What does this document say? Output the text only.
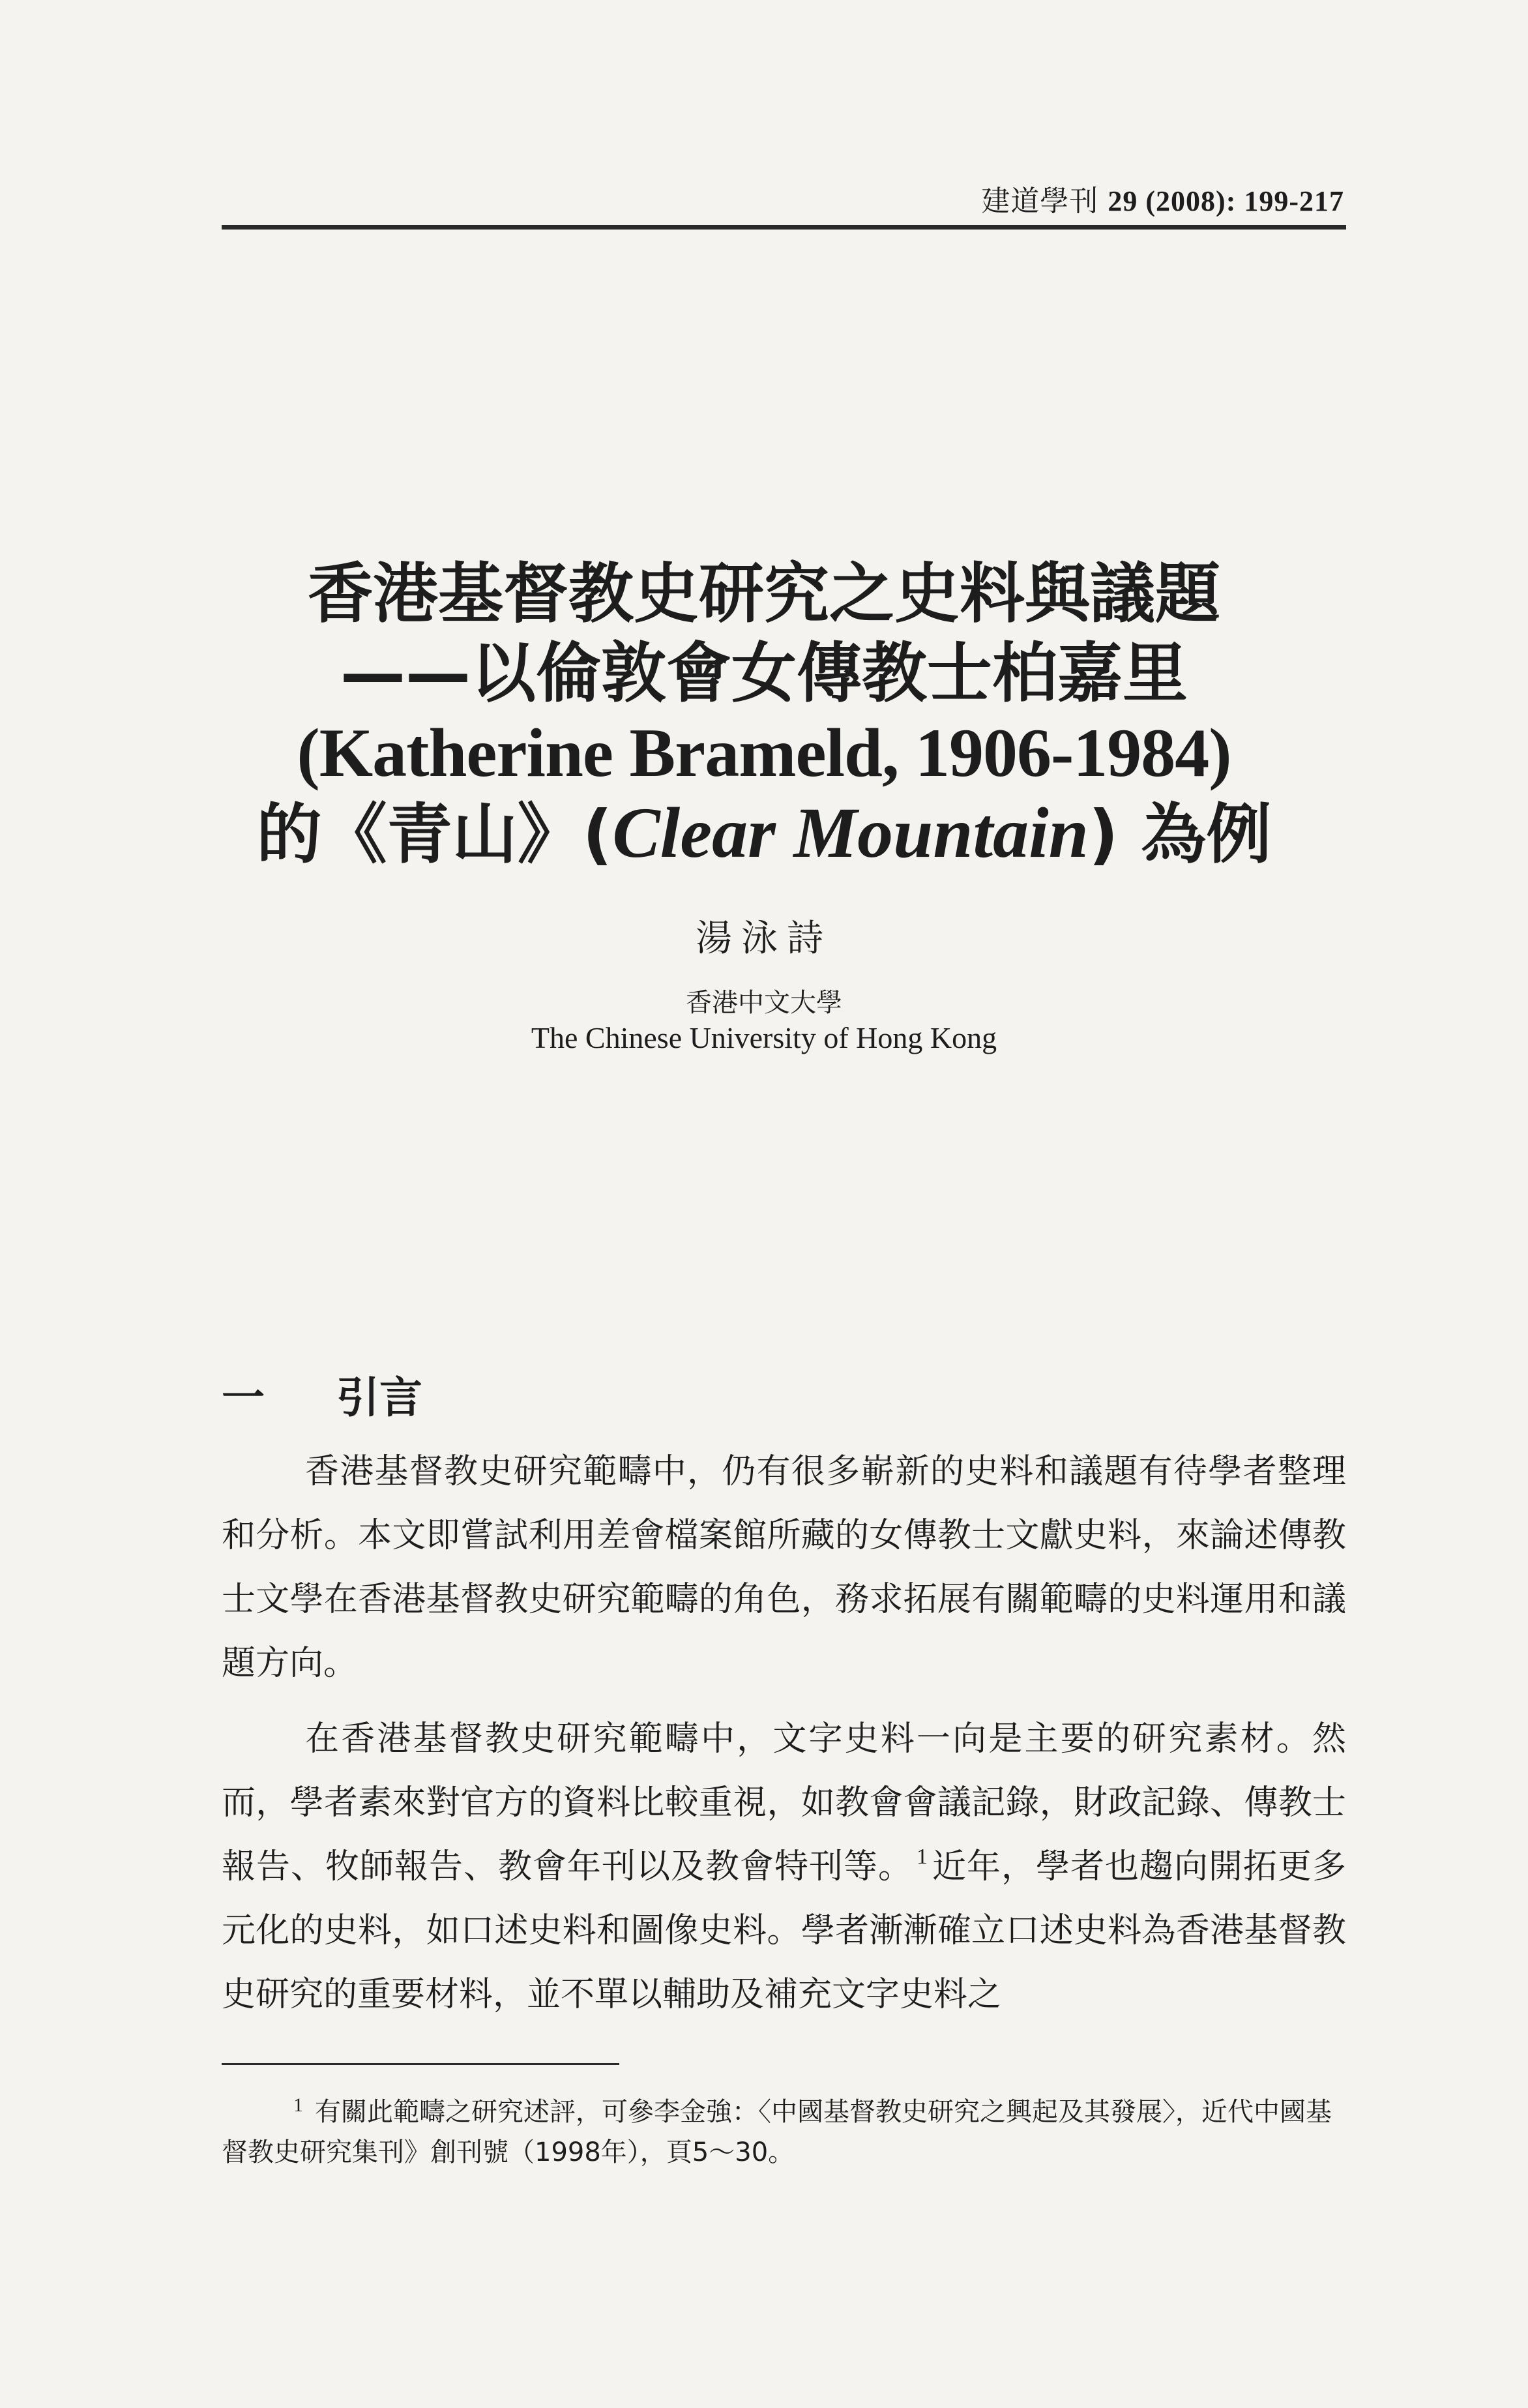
建道學刊 29 (2008): 199-217
香港基督教史研究之史料與議題
——以倫敦會女傳教士柏嘉里
(Katherine Brameld, 1906-1984)
的《青山》(Clear Mountain) 為例
湯泳詩
香港中文大學
The Chinese University of Hong Kong
一 引言

香港基督教史研究範疇中，仍有很多嶄新的史料和議題有待學者整理和分析。本文即嘗試利用差會檔案館所藏的女傳教士文獻史料，來論述傳教士文學在香港基督教史研究範疇的角色，務求拓展有關範疇的史料運用和議題方向。

在香港基督教史研究範疇中，文字史料一向是主要的研究素材。然而，學者素來對官方的資料比較重視，如教會會議記錄，財政記錄、傳教士報告、牧師報告、教會年刊以及教會特刊等。 $^1$ 近年，學者也趨向開拓更多元化的史料，如口述史料和圖像史料。學者漸漸確立口述史料為香港基督教史研究的重要材料，並不單以輔助及補充文字史料之

$^1$ 有關此範疇之研究述評，可參李金強：〈中國基督教史研究之興起及其發展〉，近代中國基督教史研究集刊》創刊號（1998年），頁5～30。
